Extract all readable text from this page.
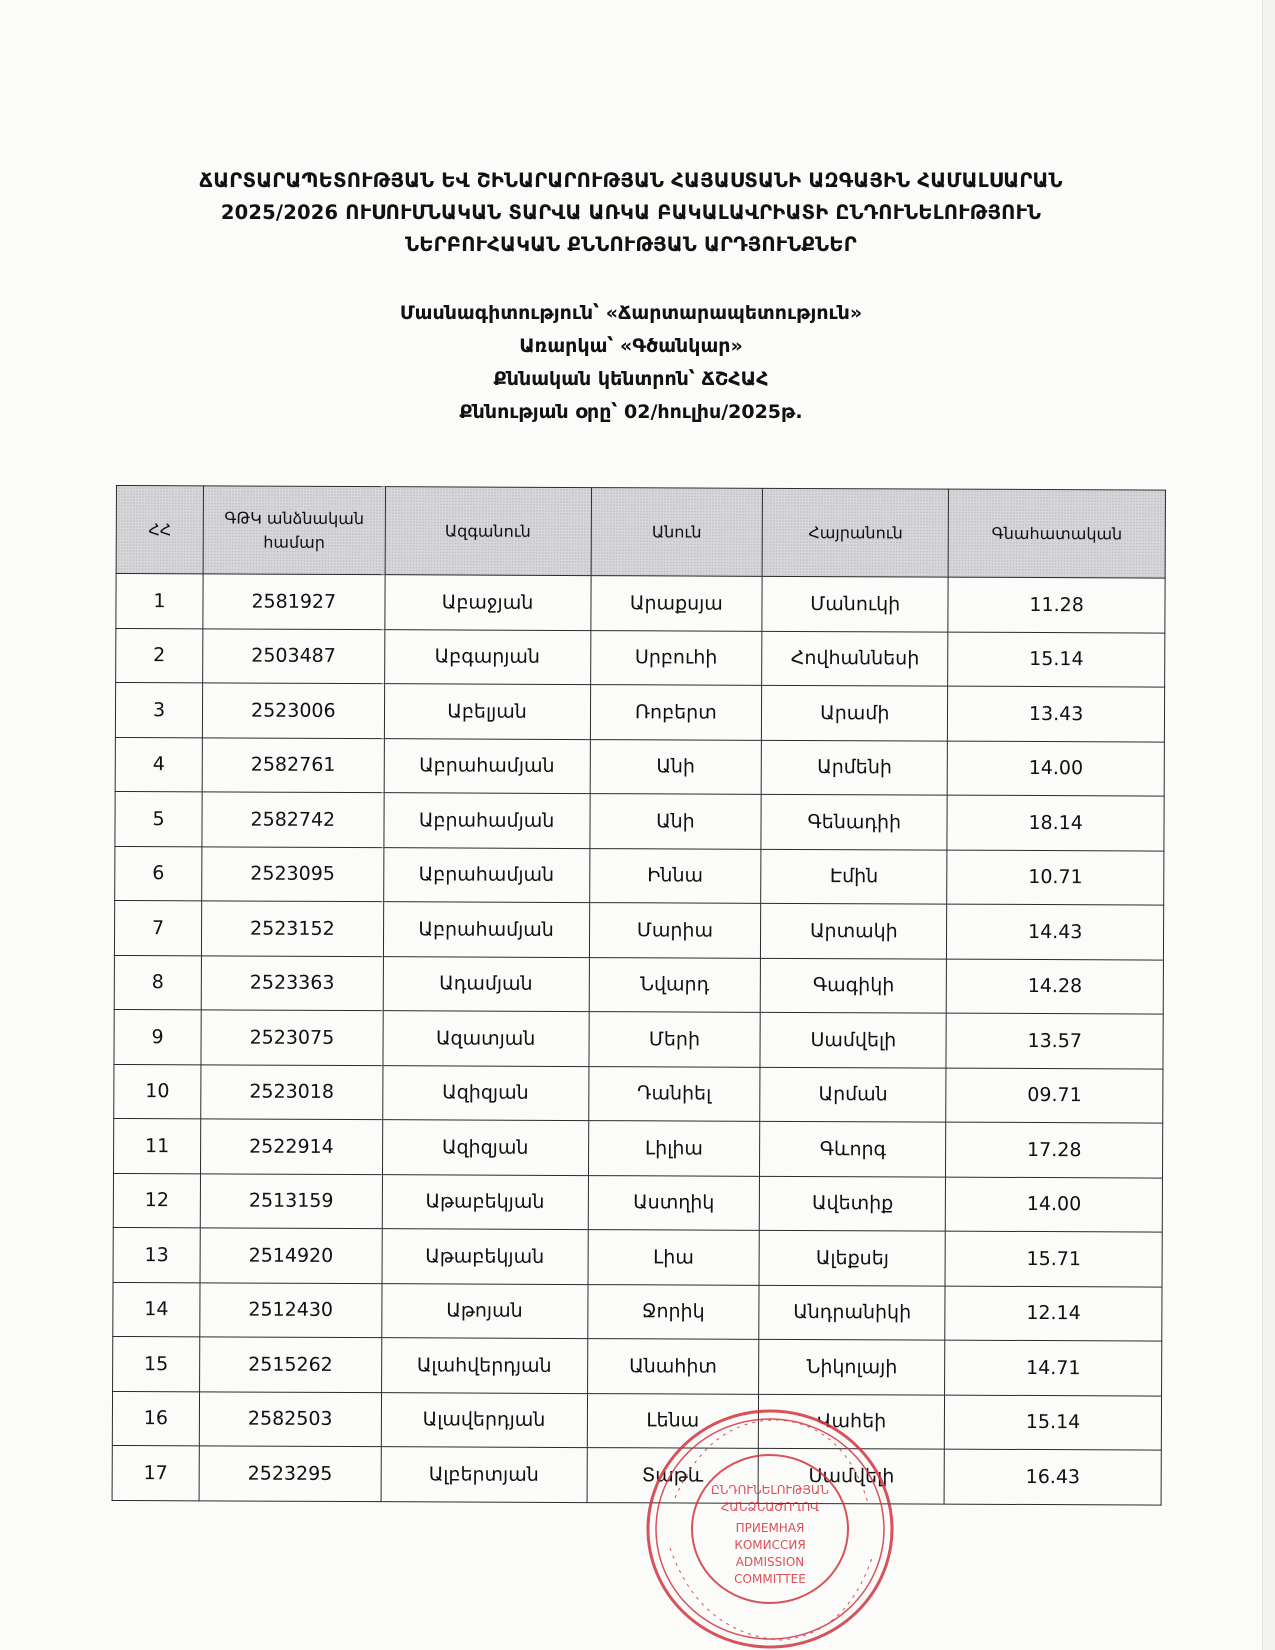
ՃԱՐՏԱՐԱՊԵՏՈՒԹՅԱՆ ԵՎ ՇԻՆԱՐԱՐՈՒԹՅԱՆ ՀԱՅԱՍՏԱՆԻ ԱԶԳԱՅԻՆ ՀԱՄԱԼՍԱՐԱՆ
2025/2026 ՈՒՍՈՒՄՆԱԿԱՆ ՏԱՐՎԱ ԱՌԿԱ ԲԱԿԱԼԱՎՐԻԱՏԻ ԸՆԴՈՒՆԵԼՈՒԹՅՈՒՆ
ՆԵՐԲՈՒՀԱԿԱՆ ՔՆՆՈՒԹՅԱՆ ԱՐԴՅՈՒՆՔՆԵՐ
Մասնագիտություն՝ «Ճարտարապետություն»
Առարկա՝ «Գծանկար»
Քննական կենտրոն՝ ՃՇՀԱՀ
Քննության օրը՝ 02/հուլիս/2025թ.
ՀՀ	ԳԹԿ անձնական համար	Ազգանուն	Անուն	Հայրանուն	Գնահատական
1	2581927	Աբաջյան	Արաքսյա	Մանուկի	11.28
2	2503487	Աբգարյան	Սրբուհի	Հովհաննեսի	15.14
3	2523006	Աբելյան	Ռոբերտ	Արամի	13.43
4	2582761	Աբրահամյան	Անի	Արմենի	14.00
5	2582742	Աբրահամյան	Անի	Գենադիի	18.14
6	2523095	Աբրահամյան	Իննա	Էմին	10.71
7	2523152	Աբրահամյան	Մարիա	Արտակի	14.43
8	2523363	Ադամյան	Նվարդ	Գագիկի	14.28
9	2523075	Ազատյան	Մերի	Սամվելի	13.57
10	2523018	Ազիզյան	Դանիել	Արման	09.71
11	2522914	Ազիզյան	Լիլիա	Գևորգ	17.28
12	2513159	Աթաբեկյան	Աստղիկ	Ավետիք	14.00
13	2514920	Աթաբեկյան	Լիա	Ալեքսեյ	15.71
14	2512430	Աթոյան	Ջորիկ	Անդրանիկի	12.14
15	2515262	Ալահվերդյան	Անահիտ	Նիկոլայի	14.71
16	2582503	Ալավերդյան	Լենա	Վահեի	15.14
17	2523295	Ալբերտյան	Տաթև	Սամվելի	16.43
ԸՆԴՈՒՆԵԼՈՒԹՅԱՆ
ՀԱՆՁՆԱԺՈՂՈՎ
ПРИЕМНАЯ
КОМИССИЯ
ADMISSION
COMMITTEE
